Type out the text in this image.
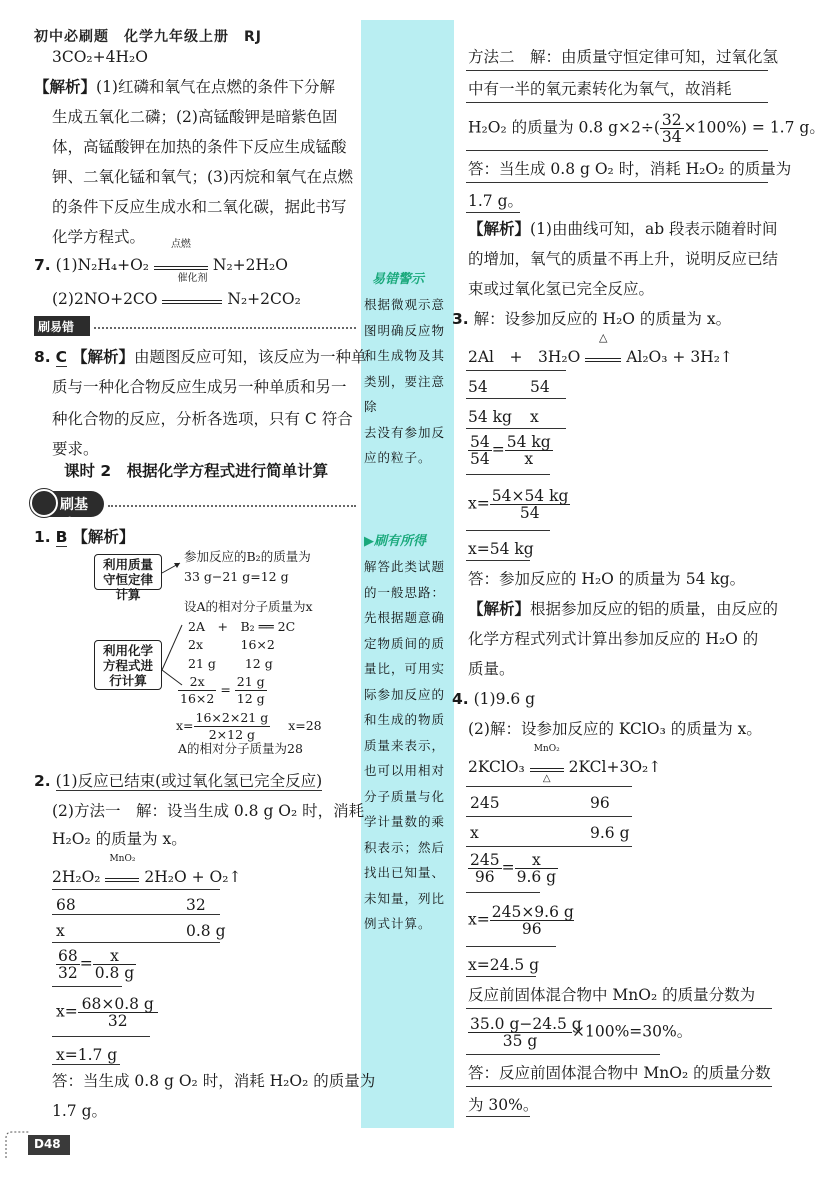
初中必刷题　化学九年级上册　RJ
3CO₂+4H₂O
【解析】(1)红磷和氧气在点燃的条件下分解
生成五氧化二磷；(2)高锰酸钾是暗紫色固
体，高锰酸钾在加热的条件下反应生成锰酸
钾、二氧化锰和氧气；(3)丙烷和氧气在点燃
的条件下反应生成水和二氧化碳，据此书写
化学方程式。
7. (1)N₂H₄+O₂
点燃
N₂+2H₂O
(2)2NO+2CO
催化剂
N₂+2CO₂
刷易错
8. C 【解析】由题图反应可知，该反应为一种单
质与一种化合物反应生成另一种单质和另一
种化合物的反应，分析各选项，只有 C 符合
要求。
课时 2　根据化学方程式进行简单计算
刷基础
1. B 【解析】
利用质量守恒定律计算
利用化学方程式进行计算
参加反应的B₂的质量为
33 g−21 g=12 g
设A的相对分子质量为x
2A　+　B₂ ══ 2C
2x　　　16×2
21 g　　 12 g
$\frac{2x}{16\times 2} = \frac{21 g}{12 g}$
$x= \frac{16\times 2\times 21 g}{2\times 12 g} x=28$
A的相对分子质量为28
2. (1)反应已结束(或过氧化氢已完全反应)
(2)方法一　解：设当生成 0.8 g O₂ 时，消耗
H₂O₂ 的质量为 x。
2H₂O₂
MnO₂
2H₂O + O₂↑
68	32
x	0.8 g
$\frac{68}{32} = \frac{x}{0.8 g}$
$x= \frac{68\times 0.8 g}{32}$
x=1.7 g
答：当生成 0.8 g O₂ 时，消耗 H₂O₂ 的质量为
1.7 g。
易错警示
根据微观示意
图明确反应物
和生成物及其
类别，要注意除
去没有参加反
应的粒子。
▶刷有所得
解答此类试题
的一般思路：
先根据题意确
定物质间的质
量比，可用实
际参加反应的
和生成的物质
质量来表示，
也可以用相对
分子质量与化
学计量数的乘
积表示；然后
找出已知量、
未知量，列比
例式计算。
方法二　解：由质量守恒定律可知，过氧化氢
中有一半的氧元素转化为氧气，故消耗
H₂O₂ 的质量为 0.8 $g\times 2\div( \frac{32}{34} \times 100\%) = 1.7$ g。
答：当生成 0.8 g O₂ 时，消耗 H₂O₂ 的质量为
1.7 g。
【解析】(1)由曲线可知，ab 段表示随着时间
的增加，氧气的质量不再上升，说明反应已结
束或过氧化氢已完全反应。
3. 解：设参加反应的 H₂O 的质量为 x。
2Al　+　3H₂O
△
Al₂O₃ + 3H₂↑
54	54
54 kg x
$\frac{54}{54} = \frac{54 kg}{x}$
$x= \frac{54\times 54 kg}{54}$
x=54 kg
答：参加反应的 H₂O 的质量为 54 kg。
【解析】根据参加反应的铝的质量，由反应的
化学方程式列式计算出参加反应的 H₂O 的
质量。
4. (1)9.6 g
(2)解：设参加反应的 KClO₃ 的质量为 x。
2KClO₃
MnO₂
△
2KCl+3O₂↑
245	96
x	9.6 g
$\frac{245}{96} = \frac{x}{9.6 g}$
$x= \frac{245\times 9.6 g}{96}$
x=24.5 g
反应前固体混合物中 MnO₂ 的质量分数为
$\frac{35.0 g-24.5 g}{35 g} \times 100\%=30\%$。
答：反应前固体混合物中 MnO₂ 的质量分数
为 30%。
D48
